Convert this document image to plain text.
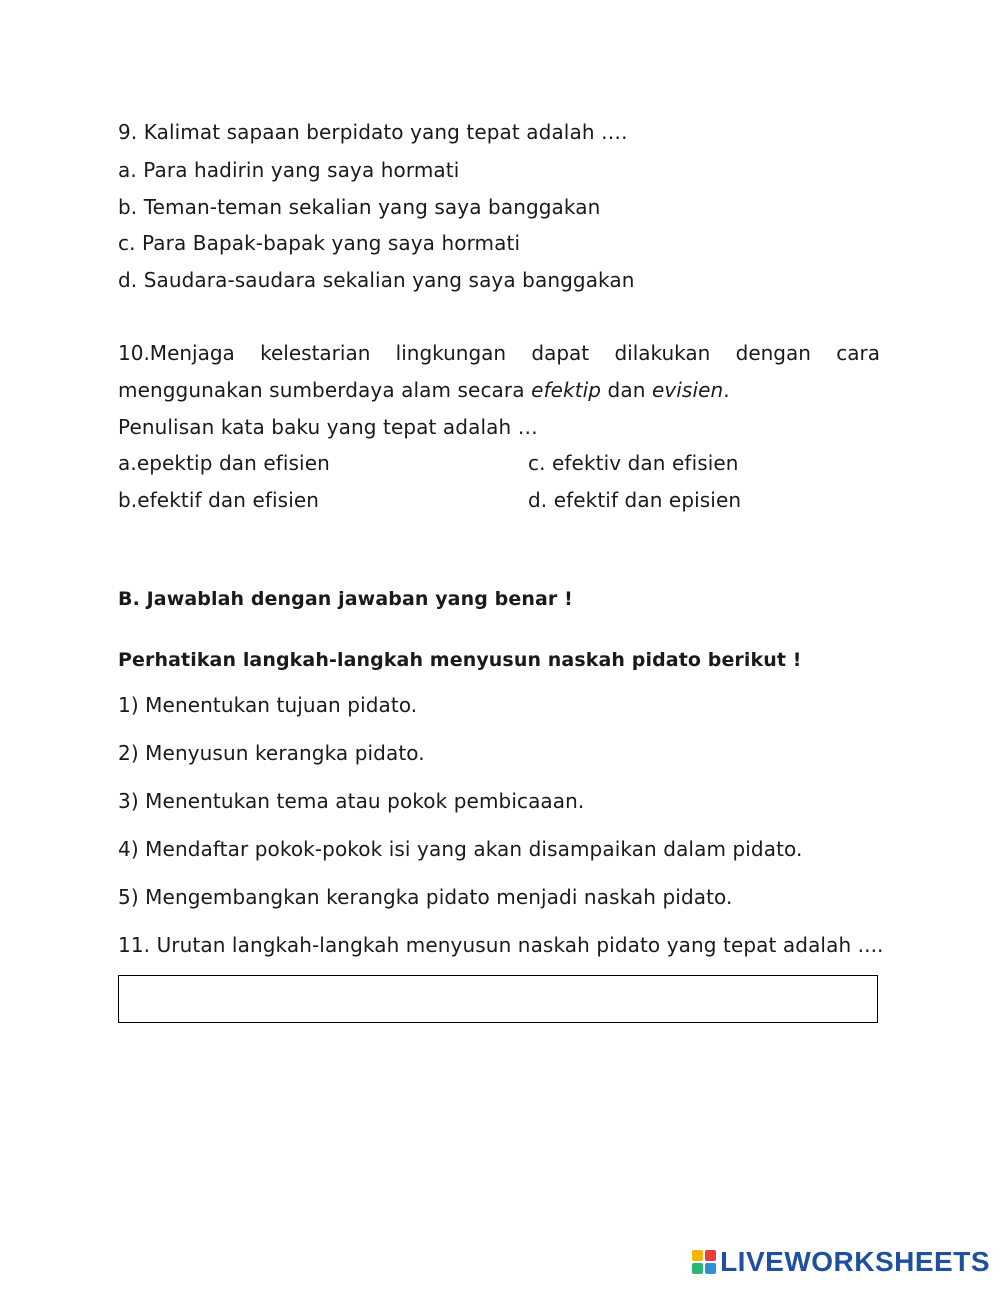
9. Kalimat sapaan berpidato yang tepat adalah ….
a. Para hadirin yang saya hormati
b. Teman-teman sekalian yang saya banggakan
c. Para Bapak-bapak yang saya hormati
d. Saudara-saudara sekalian yang saya banggakan
10.Menjaga kelestarian lingkungan dapat dilakukan dengan cara
menggunakan sumberdaya alam secara efektip dan evisien.
Penulisan kata baku yang tepat adalah …
a.epektip dan efisien	c. efektiv dan efisien
b.efektif dan efisien	d. efektif dan episien
B. Jawablah dengan jawaban yang benar !
Perhatikan langkah-langkah menyusun naskah pidato berikut !
1) Menentukan tujuan pidato.
2) Menyusun kerangka pidato.
3) Menentukan tema atau pokok pembicaaan.
4) Mendaftar pokok-pokok isi yang akan disampaikan dalam pidato.
5) Mengembangkan kerangka pidato menjadi naskah pidato.
11. Urutan langkah-langkah menyusun naskah pidato yang tepat adalah ....
LIVEWORKSHEETS
